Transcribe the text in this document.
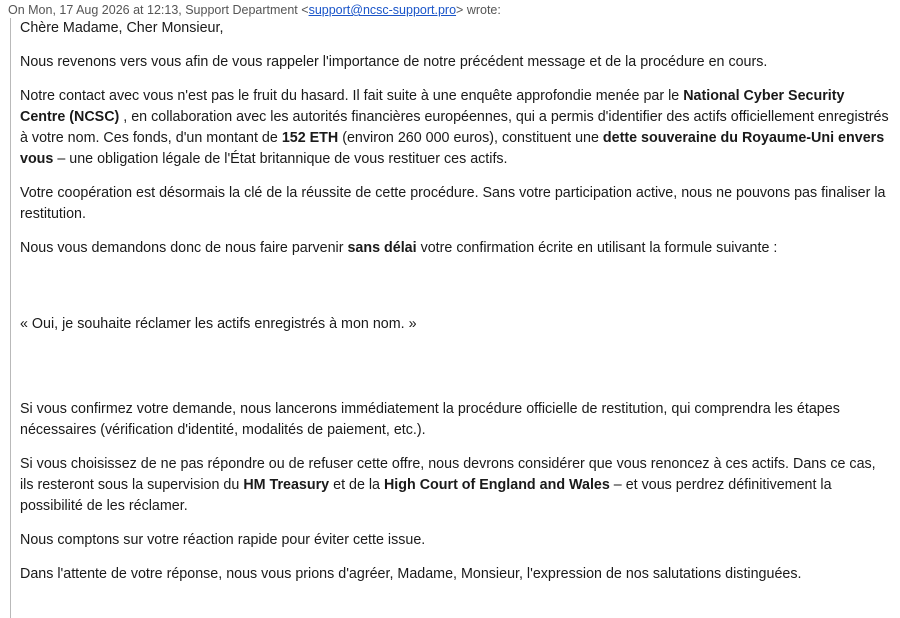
On Mon, 17 Aug 2026 at 12:13, Support Department <support@ncsc-support.pro> wrote:

Chère Madame, Cher Monsieur,

Nous revenons vers vous afin de vous rappeler l'importance de notre précédent message et de la procédure en cours.

Notre contact avec vous n'est pas le fruit du hasard. Il fait suite à une enquête approfondie menée par le National Cyber Security Centre (NCSC) , en collaboration avec les autorités financières européennes, qui a permis d'identifier des actifs officiellement enregistrés à votre nom. Ces fonds, d'un montant de 152 ETH (environ 260 000 euros), constituent une dette souveraine du Royaume-Uni envers vous – une obligation légale de l'État britannique de vous restituer ces actifs.

Votre coopération est désormais la clé de la réussite de cette procédure. Sans votre participation active, nous ne pouvons pas finaliser la restitution.

Nous vous demandons donc de nous faire parvenir sans délai votre confirmation écrite en utilisant la formule suivante :

« Oui, je souhaite réclamer les actifs enregistrés à mon nom. »

Si vous confirmez votre demande, nous lancerons immédiatement la procédure officielle de restitution, qui comprendra les étapes nécessaires (vérification d'identité, modalités de paiement, etc.).

Si vous choisissez de ne pas répondre ou de refuser cette offre, nous devrons considérer que vous renoncez à ces actifs. Dans ce cas, ils resteront sous la supervision du HM Treasury et de la High Court of England and Wales – et vous perdrez définitivement la possibilité de les réclamer.

Nous comptons sur votre réaction rapide pour éviter cette issue.

Dans l'attente de votre réponse, nous vous prions d'agréer, Madame, Monsieur, l'expression de nos salutations distinguées.
